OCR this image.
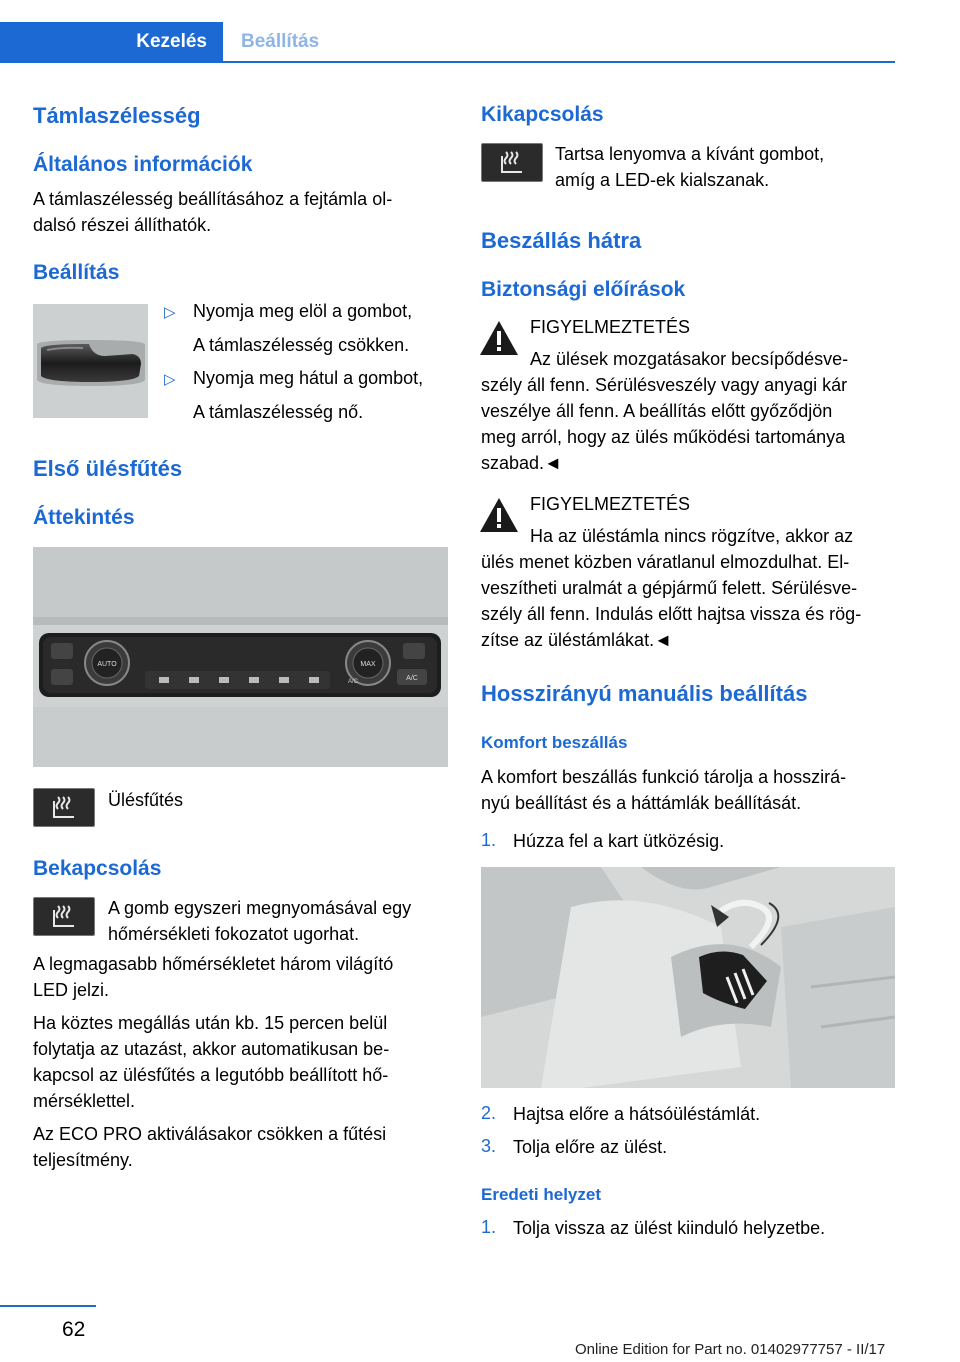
Kezelés	Beállítás
Támlaszélesség
Általános információk
A támlaszélesség beállításához a fejtámla ol-
dalsó részei állíthatók.
Beállítás
▷ Nyomja meg elöl a gombot,
A támlaszélesség csökken.
▷ Nyomja meg hátul a gombot,
A támlaszélesség nő.
Első ülésfűtés
Áttekintés
AUTO	MAX
A/C
A/C
Ülésfűtés
Bekapcsolás
A gomb egyszeri megnyomásával egy
hőmérsékleti fokozatot ugorhat.
A legmagasabb hőmérsékletet három világító
LED jelzi.
Ha köztes megállás után kb. 15 percen belül
folytatja az utazást, akkor automatikusan be-
kapcsol az ülésfűtés a legutóbb beállított hő-
mérséklettel.
Az ECO PRO aktiválásakor csökken a fűtési
teljesítmény.
Kikapcsolás
Tartsa lenyomva a kívánt gombot,
amíg a LED-ek kialszanak.
Beszállás hátra
Biztonsági előírások
FIGYELMEZTETÉS
Az ülések mozgatásakor becsípődésve-
szély áll fenn. Sérülésveszély vagy anyagi kár
veszélye áll fenn. A beállítás előtt győződjön
meg arról, hogy az ülés működési tartománya
szabad.◄
FIGYELMEZTETÉS
Ha az üléstámla nincs rögzítve, akkor az
ülés menet közben váratlanul elmozdulhat. El-
veszítheti uralmát a gépjármű felett. Sérülésve-
szély áll fenn. Indulás előtt hajtsa vissza és rög-
zítse az üléstámlákat.◄
Hosszirányú manuális beállítás
Komfort beszállás
A komfort beszállás funkció tárolja a hosszirá-
nyú beállítást és a háttámlák beállítását.
1. Húzza fel a kart ütközésig.
2. Hajtsa előre a hátsóüléstámlát.
3. Tolja előre az ülést.
Eredeti helyzet
1. Tolja vissza az ülést kiinduló helyzetbe.
62
Online Edition for Part no. 01402977757 - II/17
